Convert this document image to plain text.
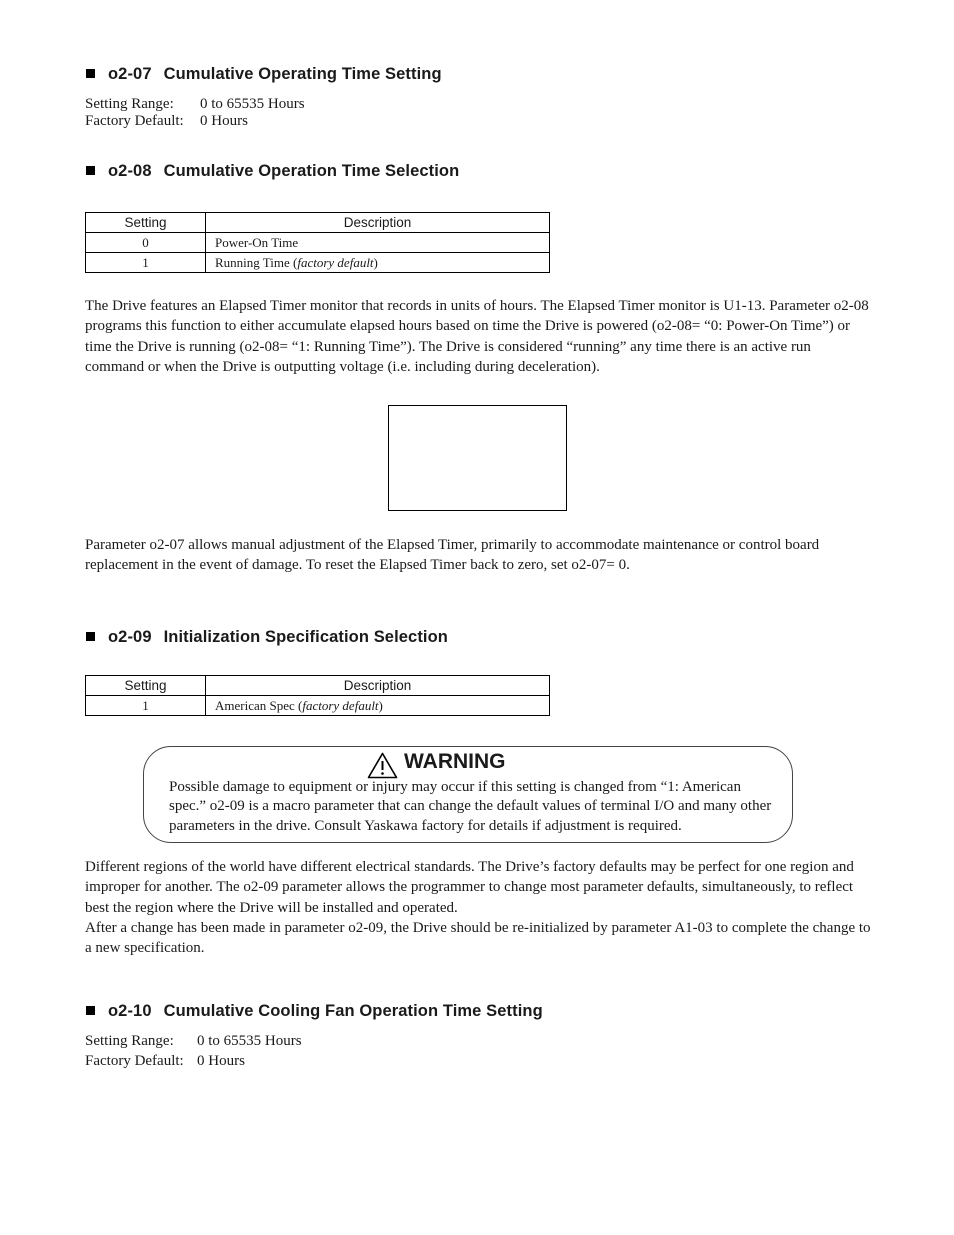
o2-07 Cumulative Operating Time Setting
Setting Range: 0 to 65535 Hours
Factory Default: 0 Hours
o2-08 Cumulative Operation Time Selection
Setting	Description
0	Power-On Time
1	Running Time (factory default)
The Drive features an Elapsed Timer monitor that records in units of hours. The Elapsed Timer monitor is U1-13. Parameter o2-08 programs this function to either accumulate elapsed hours based on time the Drive is powered (o2-08= “0: Power-On Time”) or time the Drive is running (o2-08= “1: Running Time”). The Drive is considered “running” any time there is an active run command or when the Drive is outputting voltage (i.e. including during deceleration).
Parameter o2-07 allows manual adjustment of the Elapsed Timer, primarily to accommodate maintenance or control board replacement in the event of damage. To reset the Elapsed Timer back to zero, set o2-07= 0.
o2-09 Initialization Specification Selection
Setting	Description
1	American Spec (factory default)
WARNING
Possible damage to equipment or injury may occur if this setting is changed from “1: American spec.” o2-09 is a macro parameter that can change the default values of terminal I/O and many other parameters in the drive. Consult Yaskawa factory for details if adjustment is required.
Different regions of the world have different electrical standards. The Drive’s factory defaults may be perfect for one region and improper for another. The o2-09 parameter allows the programmer to change most parameter defaults, simultaneously, to reflect best the region where the Drive will be installed and operated.
After a change has been made in parameter o2-09, the Drive should be re-initialized by parameter A1-03 to complete the change to a new specification.
o2-10 Cumulative Cooling Fan Operation Time Setting
Setting Range: 0 to 65535 Hours
Factory Default: 0 Hours
